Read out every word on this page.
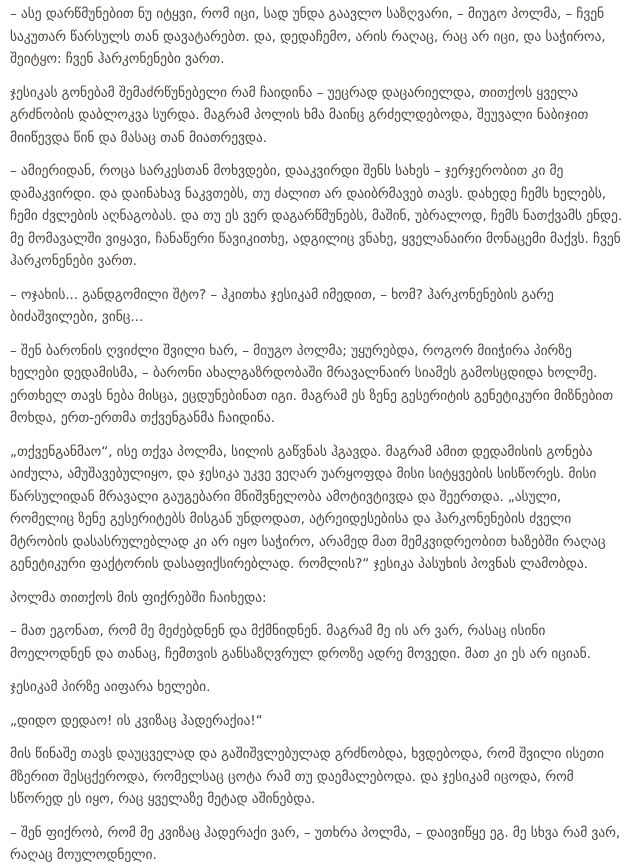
– ასე დარწმუნებით ნუ იტყვი, რომ იცი, სად უნდა გაავლო საზღვარი, – მიუგო პოლმა, – ჩვენ საკუთარ წარსულს თან დავატარებთ. და, დედაჩემო, არის რაღაც, რაც არ იცი, და საჭიროა, შეიტყო: ჩვენ ჰარკონენები ვართ.

ჯესიკას გონებამ შემაძრწუნებელი რამ ჩაიდინა – უეცრად დაცარიელდა, თითქოს ყველა გრძნობის დაბლოკვა სურდა. მაგრამ პოლის ხმა მაინც გრძელდებოდა, შეუვალი ნაბიჯით მიიწევდა წინ და მასაც თან მიათრევდა.

– ამიერიდან, როცა სარკესთან მოხვდები, დააკვირდი შენს სახეს – ჯერჯერობით კი მე დამაკვირდი. და დაინახავ ნაკვთებს, თუ ძალით არ დაიბრმავებ თავს. დახედე ჩემს ხელებს, ჩემი ძვლების აღნაგობას. და თუ ეს ვერ დაგარწმუნებს, მაშინ, უბრალოდ, ჩემს ნათქვამს ენდე. მე მომავალში ვიყავი, ჩანაწერი წავიკითხე, ადგილიც ვნახე, ყველანაირი მონაცემი მაქვს. ჩვენ ჰარკონენები ვართ.

– ოჯახის... განდგომილი შტო? – ჰკითხა ჯესიკამ იმედით, – ხომ? ჰარკონენების გარე ბიძაშვილები, ვინც...

– შენ ბარონის ღვიძლი შვილი ხარ, – მიუგო პოლმა; უყურებდა, როგორ მიიჭირა პირზე ხელები დედამისმა, – ბარონი ახალგაზრდობაში მრავალნაირ სიამეს გამოსცდიდა ხოლმე. ერთხელ თავს ნება მისცა, ეცდუნებინათ იგი. მაგრამ ეს ზენე გესერიტის გენეტიკური მიზნებით მოხდა, ერთ-ერთმა თქვენგანმა ჩაიდინა.

„თქვენგანმაო“, ისე თქვა პოლმა, სილის გაწვნას ჰგავდა. მაგრამ ამით დედამისის გონება აიძულა, ამუშავებულიყო, და ჯესიკა უკვე ვეღარ უარყოფდა მისი სიტყვების სისწორეს. მისი წარსულიდან მრავალი გაუგებარი მნიშვნელობა ამოტივტივდა და შეერთდა. „ასული, რომელიც ზენე გესერიტებს მისგან უნდოდათ, ატრეიდესებისა და ჰარკონენების ძველი მტრობის დასასრულებლად კი არ იყო საჭირო, არამედ მათ მემკვიდრეობით ხაზებში რაღაც გენეტიკური ფაქტორის დასაფიქსირებლად. რომლის?“ ჯესიკა პასუხის პოვნას ლამობდა.

პოლმა თითქოს მის ფიქრებში ჩაიხედა:

– მათ ეგონათ, რომ მე მეძებდნენ და მქმნიდნენ. მაგრამ მე ის არ ვარ, რასაც ისინი მოელოდნენ და თანაც, ჩემთვის განსაზღვრულ დროზე ადრე მოვედი. მათ კი ეს არ იციან.

ჯესიკამ პირზე აიფარა ხელები.

„დიდო დედაო! ის კვიზაც ჰადერაქია!“

მის წინაშე თავს დაუცველად და გაშიშვლებულად გრძნობდა, ხვდებოდა, რომ შვილი ისეთი მზერით შესცქეროდა, რომელსაც ცოტა რამ თუ დაემალებოდა. და ჯესიკამ იცოდა, რომ სწორედ ეს იყო, რაც ყველაზე მეტად აშინებდა.

– შენ ფიქრობ, რომ მე კვიზაც ჰადერაქი ვარ, – უთხრა პოლმა, – დაივიწყე ეგ. მე სხვა რამ ვარ, რაღაც მოულოდნელი.
